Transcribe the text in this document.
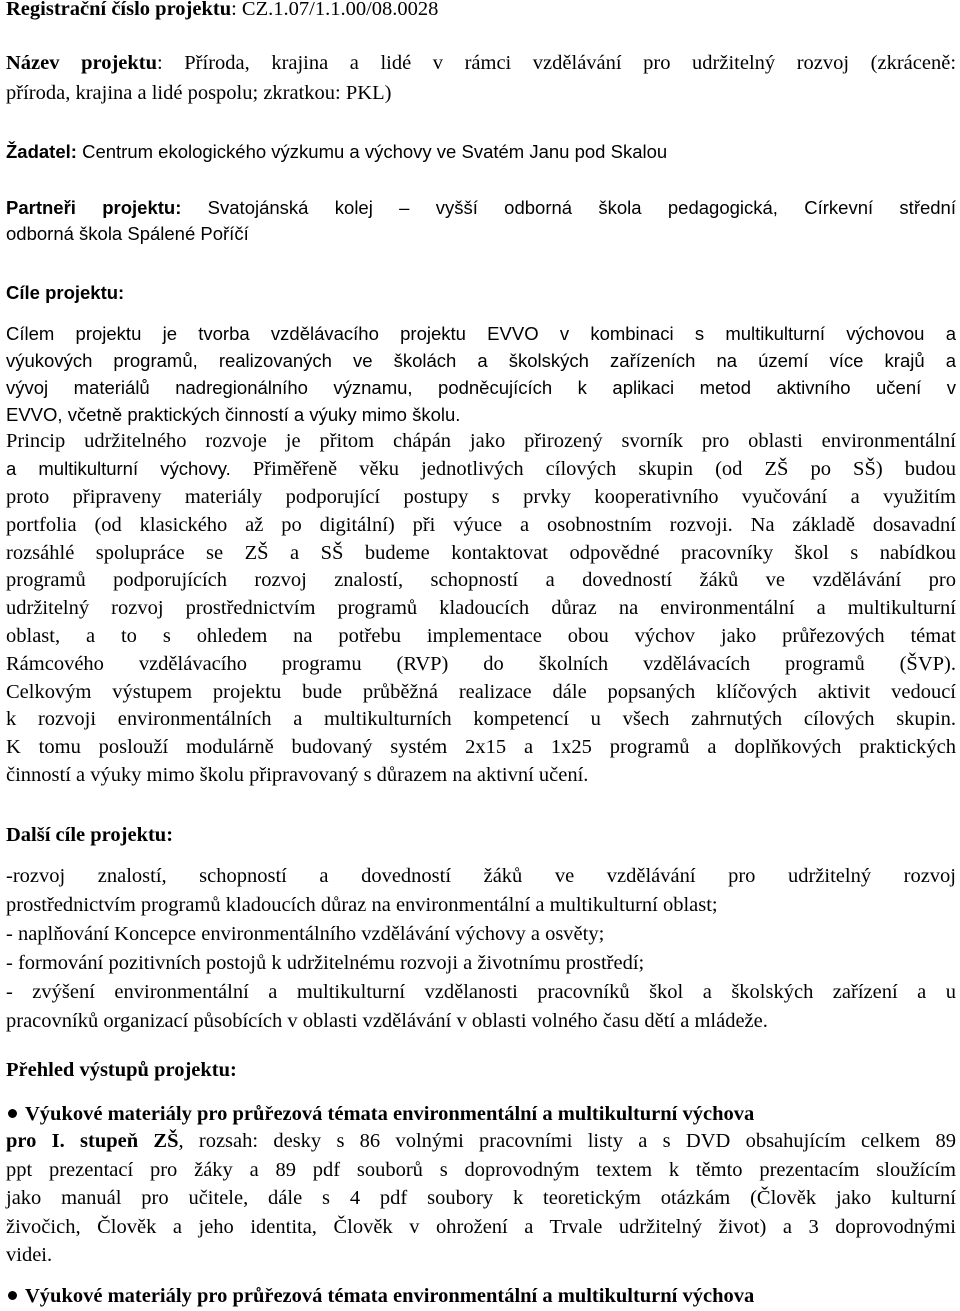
Registrační číslo projektu: CZ.1.07/1.1.00/08.0028
Název projektu: Příroda, krajina a lidé v rámci vzdělávání pro udržitelný rozvoj (zkráceně:
příroda, krajina a lidé pospolu; zkratkou: PKL)
Žadatel: Centrum ekologického výzkumu a výchovy ve Svatém Janu pod Skalou
Partneři projektu: Svatojánská kolej – vyšší odborná škola pedagogická, Církevní střední
odborná škola Spálené Poříčí
Cíle projektu:
Cílem projektu je tvorba vzdělávacího projektu EVVO v kombinaci s multikulturní výchovou a
výukových programů, realizovaných ve školách a školských zařízeních na území více krajů a
vývoj materiálů nadregionálního významu, podněcujících k aplikaci metod aktivního učení v
EVVO, včetně praktických činností a výuky mimo školu.
Princip udržitelného rozvoje je přitom chápán jako přirozený svorník pro oblasti environmentální
a multikulturní výchovy. Přiměřeně věku jednotlivých cílových skupin (od ZŠ po SŠ) budou
proto připraveny materiály podporující postupy s prvky kooperativního vyučování a využitím
portfolia (od klasického až po digitální) při výuce a osobnostním rozvoji. Na základě dosavadní
rozsáhlé spolupráce se ZŠ a SŠ budeme kontaktovat odpovědné pracovníky škol s nabídkou
programů podporujících rozvoj znalostí, schopností a dovedností žáků ve vzdělávání pro
udržitelný rozvoj prostřednictvím programů kladoucích důraz na environmentální a multikulturní
oblast, a to s ohledem na potřebu implementace obou výchov jako průřezových témat
Rámcového vzdělávacího programu (RVP) do školních vzdělávacích programů (ŠVP).
Celkovým výstupem projektu bude průběžná realizace dále popsaných klíčových aktivit vedoucí
k rozvoji environmentálních a multikulturních kompetencí u všech zahrnutých cílových skupin.
K tomu poslouží modulárně budovaný systém 2x15 a 1x25 programů a doplňkových praktických
činností a výuky mimo školu připravovaný s důrazem na aktivní učení.
Další cíle projektu:
-rozvoj znalostí, schopností a dovedností žáků ve vzdělávání pro udržitelný rozvoj
prostřednictvím programů kladoucích důraz na environmentální a multikulturní oblast;
- naplňování Koncepce environmentálního vzdělávání výchovy a osvěty;
- formování pozitivních postojů k udržitelnému rozvoji a životnímu prostředí;
- zvýšení environmentální a multikulturní vzdělanosti pracovníků škol a školských zařízení a u
pracovníků organizací působících v oblasti vzdělávání v oblasti volného času dětí a mládeže.
Přehled výstupů projektu:
Výukové materiály pro průřezová témata environmentální a multikulturní výchova
pro I. stupeň ZŠ, rozsah: desky s 86 volnými pracovními listy a s DVD obsahujícím celkem 89
ppt prezentací pro žáky a 89 pdf souborů s doprovodným textem k těmto prezentacím sloužícím
jako manuál pro učitele, dále s 4 pdf soubory k teoretickým otázkám (Člověk jako kulturní
živočich, Člověk a jeho identita, Člověk v ohrožení a Trvale udržitelný život) a 3 doprovodnými
videi.
Výukové materiály pro průřezová témata environmentální a multikulturní výchova
